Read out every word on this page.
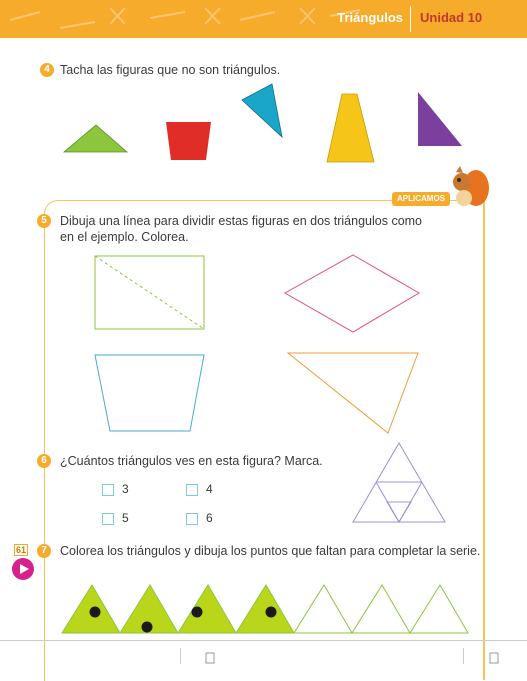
Triángulos Unidad 10
4 Tacha las figuras que no son triángulos.
APLICAMOS
5	Dibuja una línea para dividir estas figuras en dos triángulos como
en el ejemplo. Colorea.
6	¿Cuántos triángulos ves en esta figura? Marca.
3	4
5	6
61	7	Colorea los triángulos y dibuja los puntos que faltan para completar la serie.
